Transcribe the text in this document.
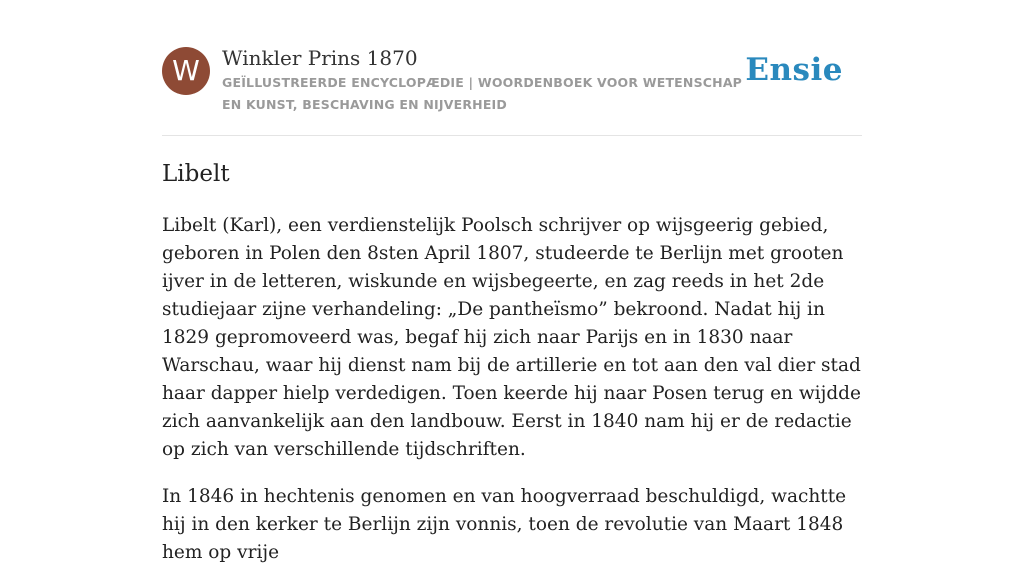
W	Winkler Prins 1870

GEÏLLUSTREERDE ENCYCLOPÆDIE | WOORDENBOEK VOOR WETENSCHAP EN KUNST, BESCHAVING EN NIJVERHEID

Ensie
Libelt

Libelt (Karl), een verdienstelijk Poolsch schrijver op wijsgeerig gebied, geboren in Polen den 8sten April 1807, studeerde te Berlijn met grooten ijver in de letteren, wiskunde en wijsbegeerte, en zag reeds in het 2de studiejaar zijne verhandeling: „De pantheïsmo” bekroond. Nadat hij in 1829 gepromoveerd was, begaf hij zich naar Parijs en in 1830 naar Warschau, waar hij dienst nam bij de artillerie en tot aan den val dier stad haar dapper hielp verdedigen. Toen keerde hij naar Posen terug en wijdde zich aanvankelijk aan den landbouw. Eerst in 1840 nam hij er de redactie op zich van verschillende tijdschriften.

In 1846 in hechtenis genomen en van hoogverraad beschuldigd, wachtte hij in den kerker te Berlijn zijn vonnis, toen de revolutie van Maart 1848 hem op vrije
